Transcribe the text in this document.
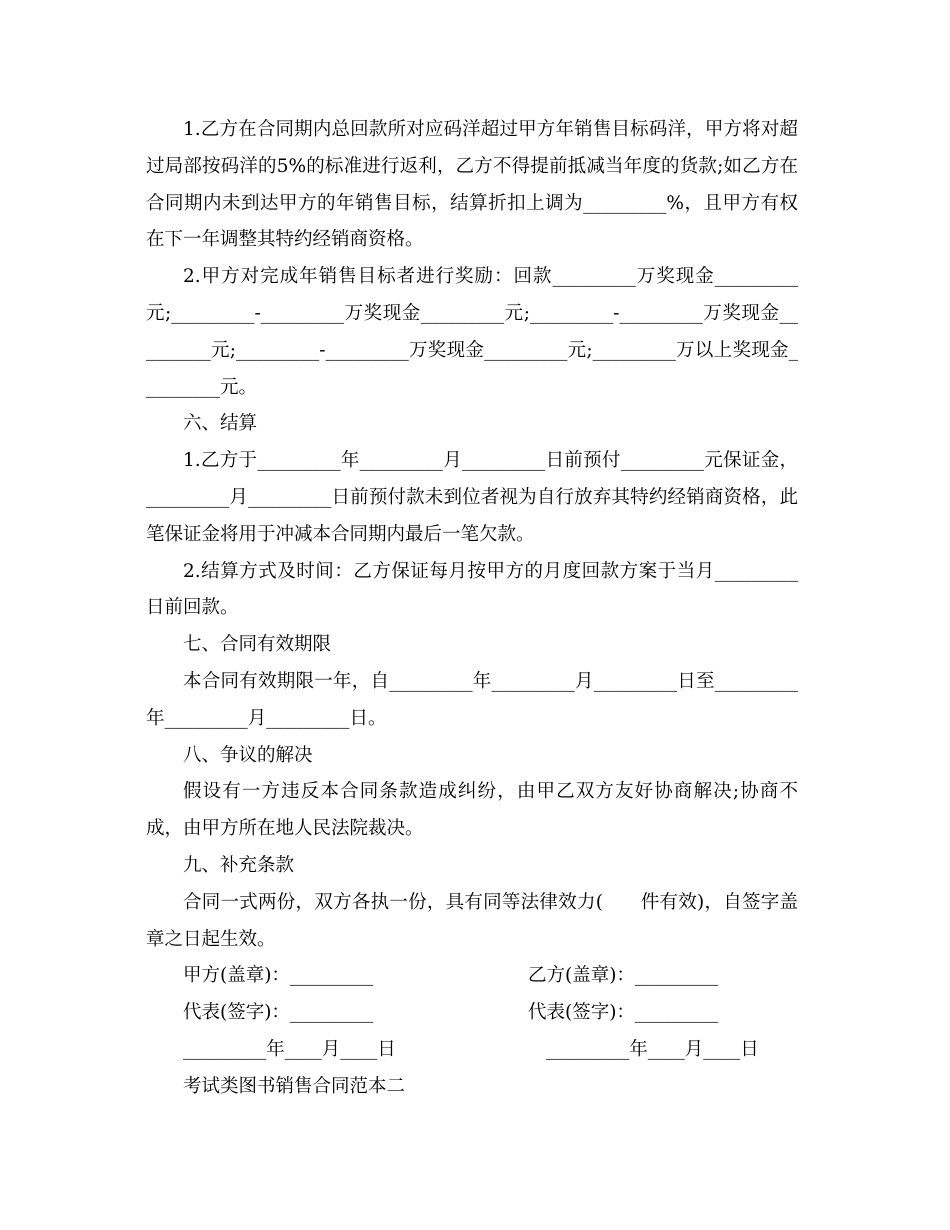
1.乙方在合同期内总回款所对应码洋超过甲方年销售目标码洋，甲方将对超过局部按码洋的5%的标准进行返利，乙方不得提前抵减当年度的货款;如乙方在合同期内未到达甲方的年销售目标，结算折扣上调为_________%，且甲方有权在下一年调整其特约经销商资格。

2.甲方对完成年销售目标者进行奖励：回款_________万奖现金_________元;_________-_________万奖现金_________元;_________-_________万奖现金_________元;_________-_________万奖现金_________元;_________万以上奖现金_________元。

六、结算

1.乙方于_________年_________月_________日前预付_________元保证金，_________月_________日前预付款未到位者视为自行放弃其特约经销商资格，此笔保证金将用于冲减本合同期内最后一笔欠款。

2.结算方式及时间：乙方保证每月按甲方的月度回款方案于当月_________日前回款。

七、合同有效期限

本合同有效期限一年，自_________年_________月_________日至_________年_________月_________日。

八、争议的解决

假设有一方违反本合同条款造成纠纷，由甲乙双方友好协商解决;协商不成，由甲方所在地人民法院裁决。

九、补充条款

合同一式两份，双方各执一份，具有同等法律效力(　　件有效)，自签字盖章之日起生效。

甲方(盖章)：_________	乙方(盖章)：_________
代表(签字)：_________	代表(签字)：_________
_________年____月____日	_________年____月____日

考试类图书销售合同范本二
